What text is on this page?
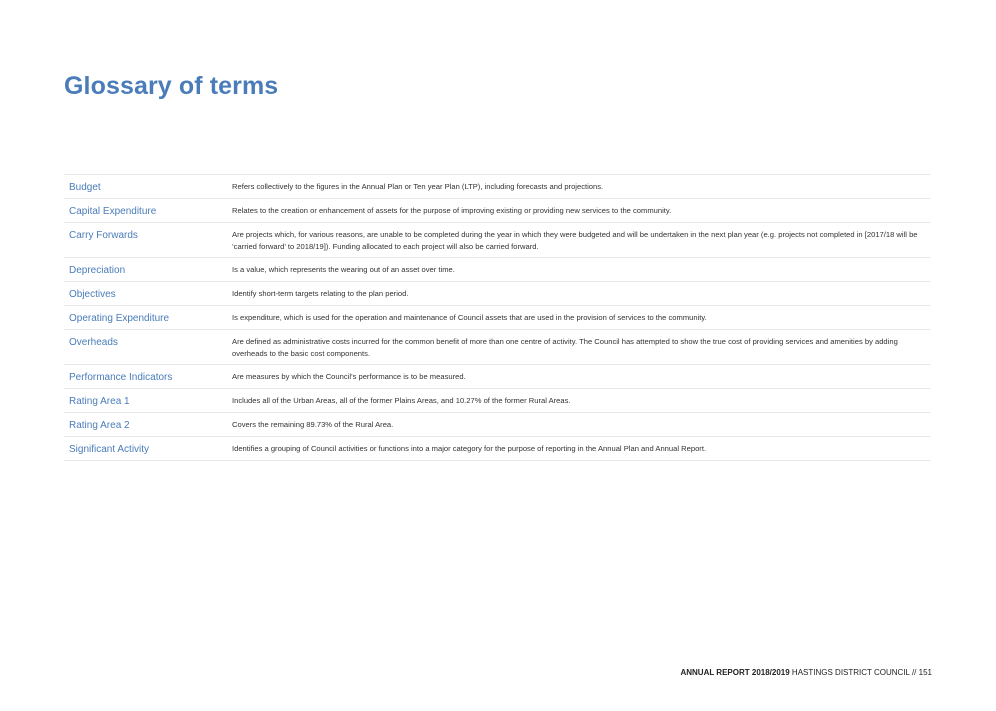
Glossary of terms
Budget	Refers collectively to the figures in the Annual Plan or Ten year Plan (LTP), including forecasts and projections.
Capital Expenditure	Relates to the creation or enhancement of assets for the purpose of improving existing or providing new services to the community.
Carry Forwards	Are projects which, for various reasons, are unable to be completed during the year in which they were budgeted and will be undertaken in the next plan year (e.g. projects not completed in [2017/18 will be ‘carried forward’ to 2018/19]). Funding allocated to each project will also be carried forward.
Depreciation	Is a value, which represents the wearing out of an asset over time.
Objectives	Identify short-term targets relating to the plan period.
Operating Expenditure	Is expenditure, which is used for the operation and maintenance of Council assets that are used in the provision of services to the community.
Overheads	Are defined as administrative costs incurred for the common benefit of more than one centre of activity. The Council has attempted to show the true cost of providing services and amenities by adding overheads to the basic cost components.
Performance Indicators	Are measures by which the Council’s performance is to be measured.
Rating Area 1	Includes all of the Urban Areas, all of the former Plains Areas, and 10.27% of the former Rural Areas.
Rating Area 2	Covers the remaining 89.73% of the Rural Area.
Significant Activity	Identifies a grouping of Council activities or functions into a major category for the purpose of reporting in the Annual Plan and Annual Report.
ANNUAL REPORT 2018/2019 HASTINGS DISTRICT COUNCIL // 151
